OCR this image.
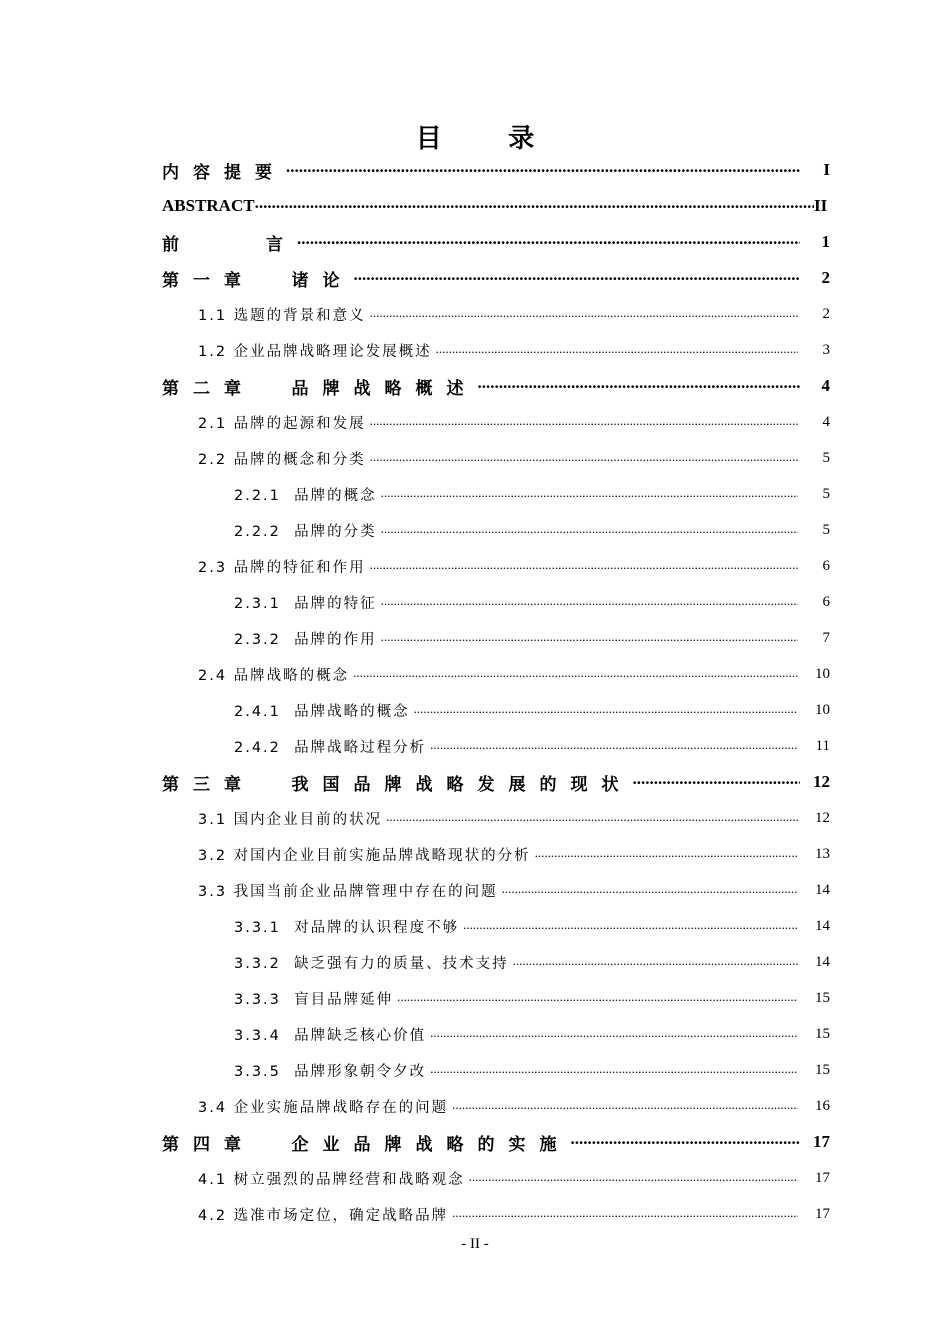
目 录
内容提要 .....	I
ABSTRACT .....	II
前    言 .....	1
第一章  诸论 .....	2
1.1 选题的背景和意义 .....	2
1.2 企业品牌战略理论发展概述 .....	3
第二章  品牌战略概述 .....	4
2.1 品牌的起源和发展 .....	4
2.2 品牌的概念和分类 .....	5
2.2.1  品牌的概念 .....	5
2.2.2  品牌的分类 .....	5
2.3 品牌的特征和作用 .....	6
2.3.1  品牌的特征 .....	6
2.3.2  品牌的作用 .....	7
2.4 品牌战略的概念 .....	10
2.4.1  品牌战略的概念 .....	10
2.4.2  品牌战略过程分析 .....	11
第三章  我国品牌战略发展的现状 .....	12
3.1 国内企业目前的状况 .....	12
3.2 对国内企业目前实施品牌战略现状的分析 .....	13
3.3 我国当前企业品牌管理中存在的问题 .....	14
3.3.1  对品牌的认识程度不够 .....	14
3.3.2  缺乏强有力的质量、技术支持 .....	14
3.3.3  盲目品牌延伸 .....	15
3.3.4  品牌缺乏核心价值 .....	15
3.3.5  品牌形象朝令夕改 .....	15
3.4 企业实施品牌战略存在的问题 .....	16
第四章  企业品牌战略的实施 .....	17
4.1 树立强烈的品牌经营和战略观念 .....	17
4.2 选准市场定位，确定战略品牌 .....	17
- II -
